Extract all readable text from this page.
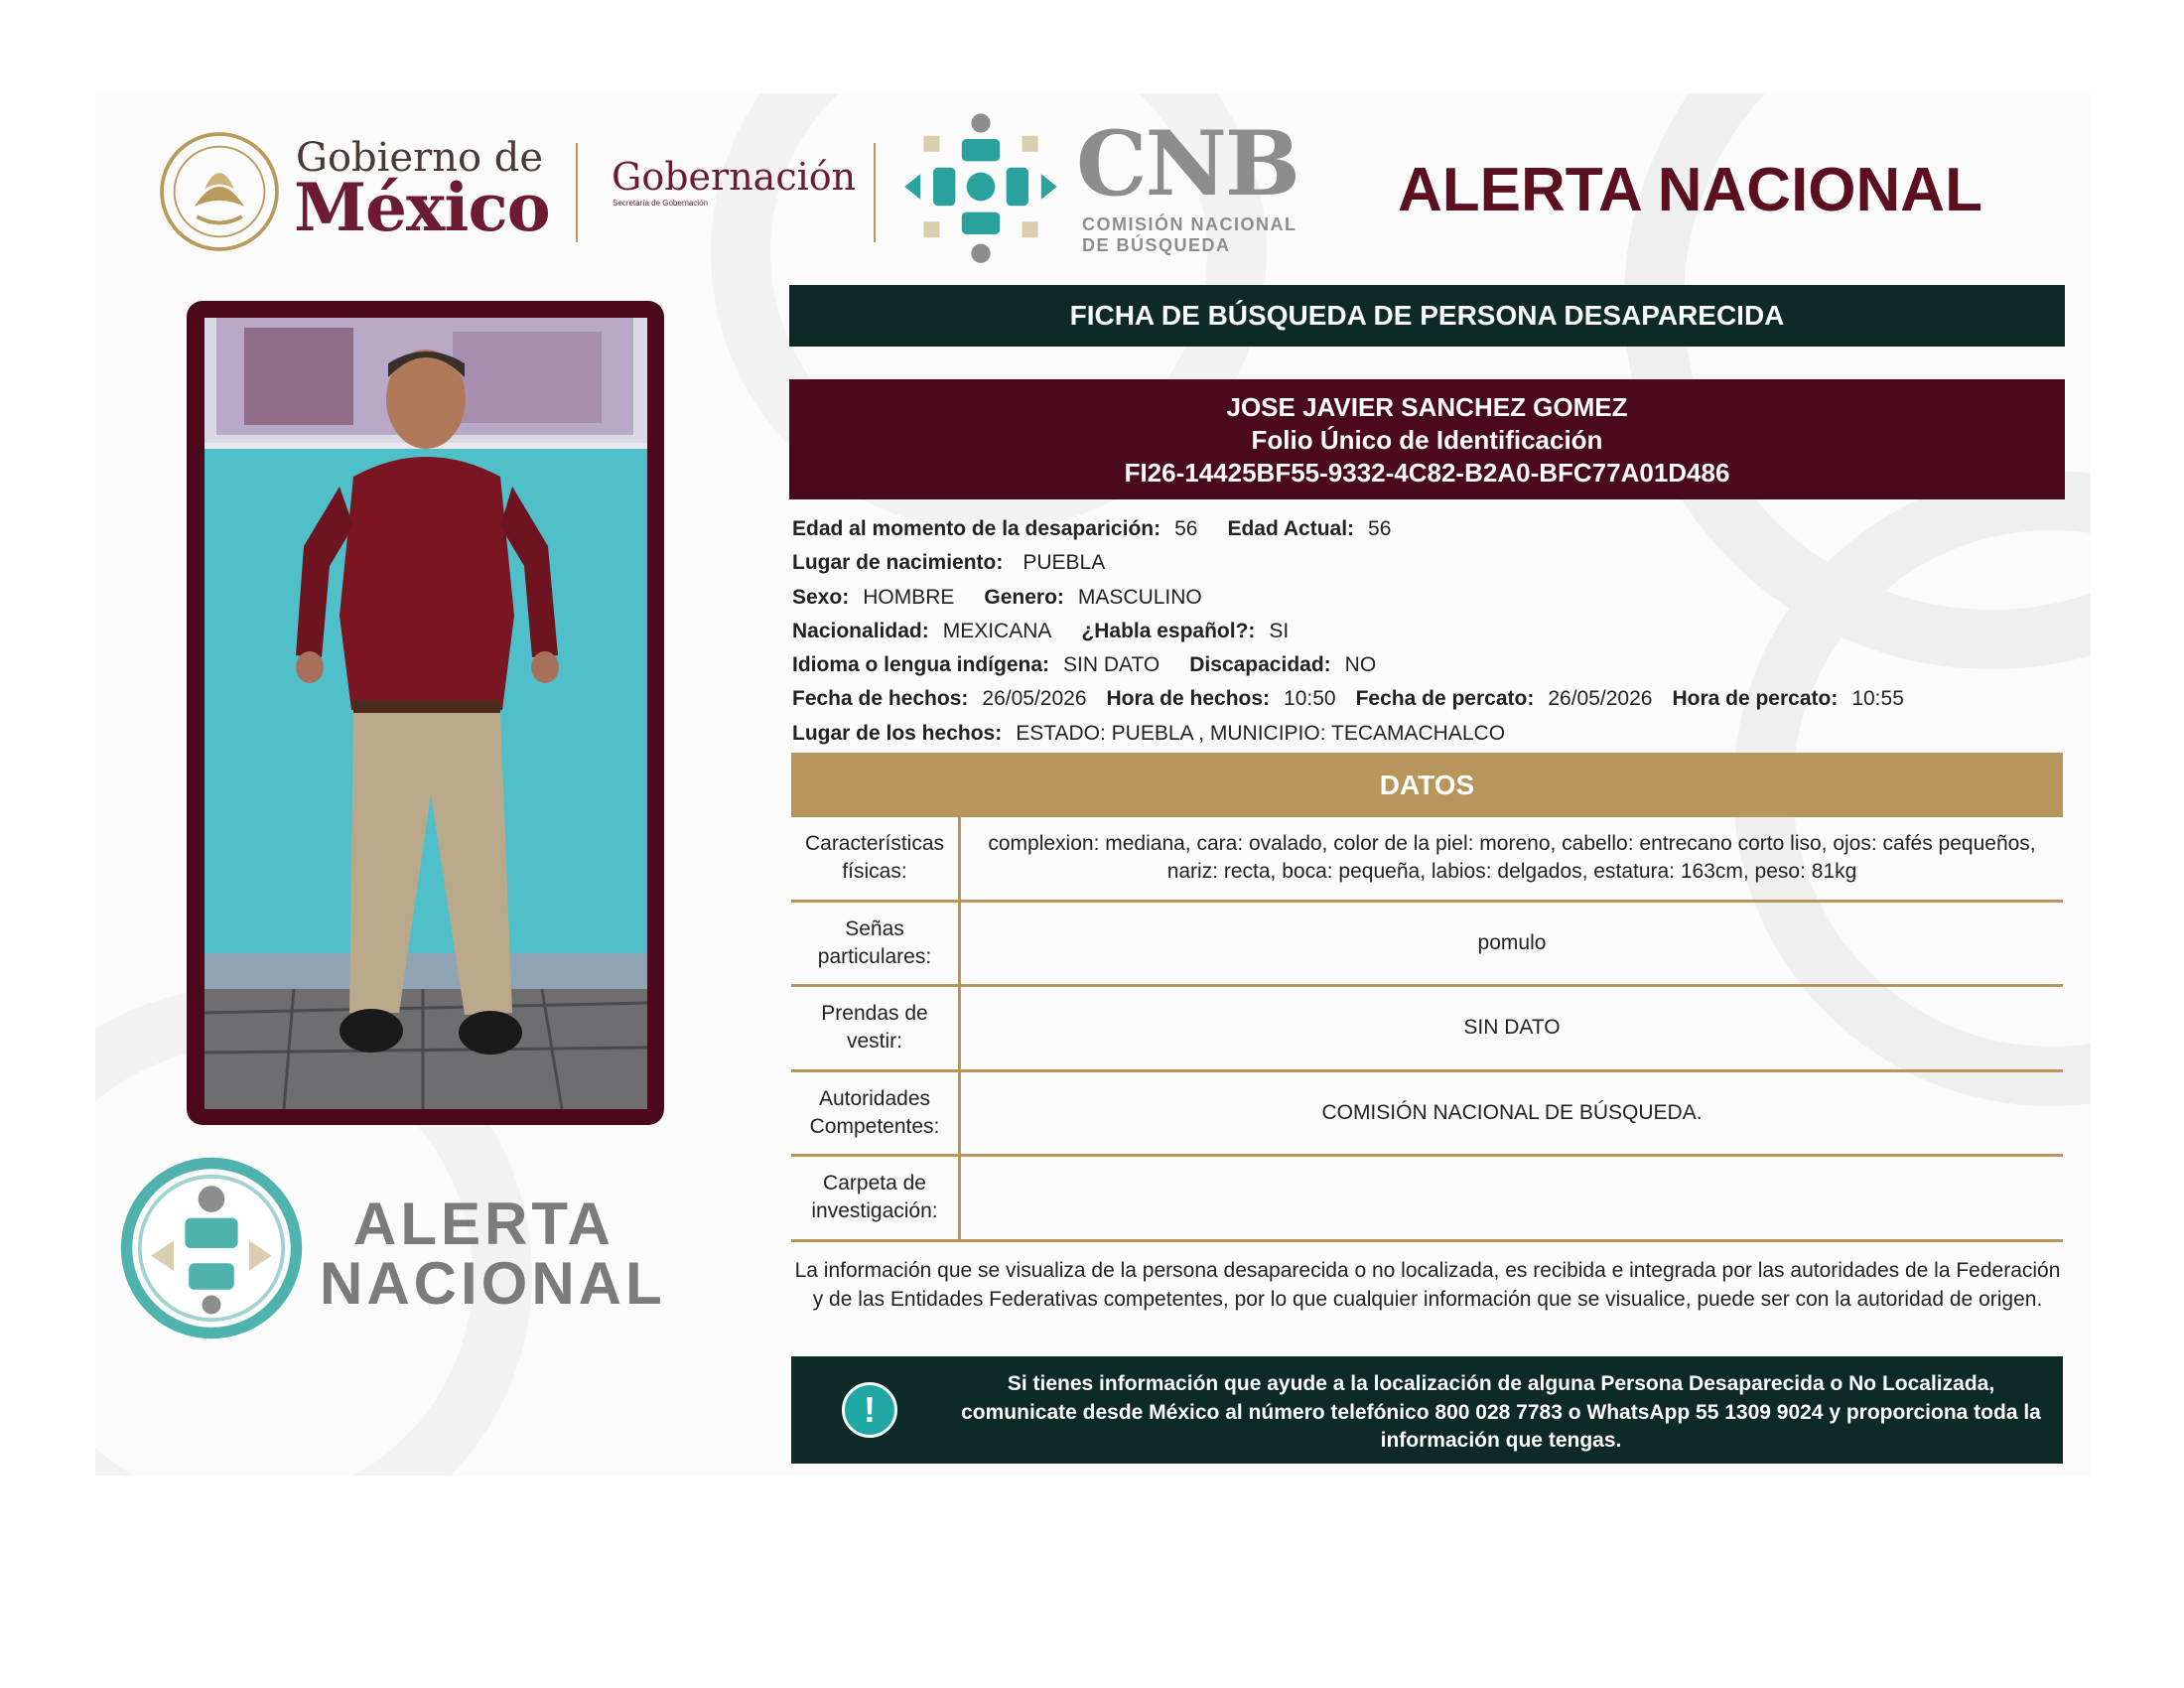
Gobierno de
México Gobernación
Secretaría de Gobernación	CNB
COMISIÓN NACIONAL
DE BÚSQUEDA
ALERTA NACIONAL
ALERTA
NACIONAL
FICHA DE BÚSQUEDA DE PERSONA DESAPARECIDA
JOSE JAVIER SANCHEZ GOMEZ
Folio Único de Identificación
FI26-14425BF55-9332-4C82-B2A0-BFC77A01D486
Edad al momento de la desaparición: 56 Edad Actual: 56
Lugar de nacimiento: PUEBLA
Sexo: HOMBRE Genero: MASCULINO
Nacionalidad: MEXICANA ¿Habla español?: SI
Idioma o lengua indígena: SIN DATO Discapacidad: NO
Fecha de hechos: 26/05/2026 Hora de hechos: 10:50 Fecha de percato: 26/05/2026 Hora de percato: 10:55
Lugar de los hechos: ESTADO: PUEBLA , MUNICIPIO: TECAMACHALCO
DATOS
Características físicas:
complexion: mediana, cara: ovalado, color de la piel: moreno, cabello: entrecano corto liso, ojos: cafés pequeños, nariz: recta, boca: pequeña, labios: delgados, estatura: 163cm, peso: 81kg
Señas particulares:
pomulo
Prendas de vestir:
SIN DATO
Autoridades Competentes:
COMISIÓN NACIONAL DE BÚSQUEDA.
Carpeta de investigación:
La información que se visualiza de la persona desaparecida o no localizada, es recibida e integrada por las autoridades de la Federación y de las Entidades Federativas competentes, por lo que cualquier información que se visualice, puede ser con la autoridad de origen.
!
Si tienes información que ayude a la localización de alguna Persona Desaparecida o No Localizada, comunicate desde México al número telefónico 800 028 7783 o WhatsApp 55 1309 9024 y proporciona toda la información que tengas.
